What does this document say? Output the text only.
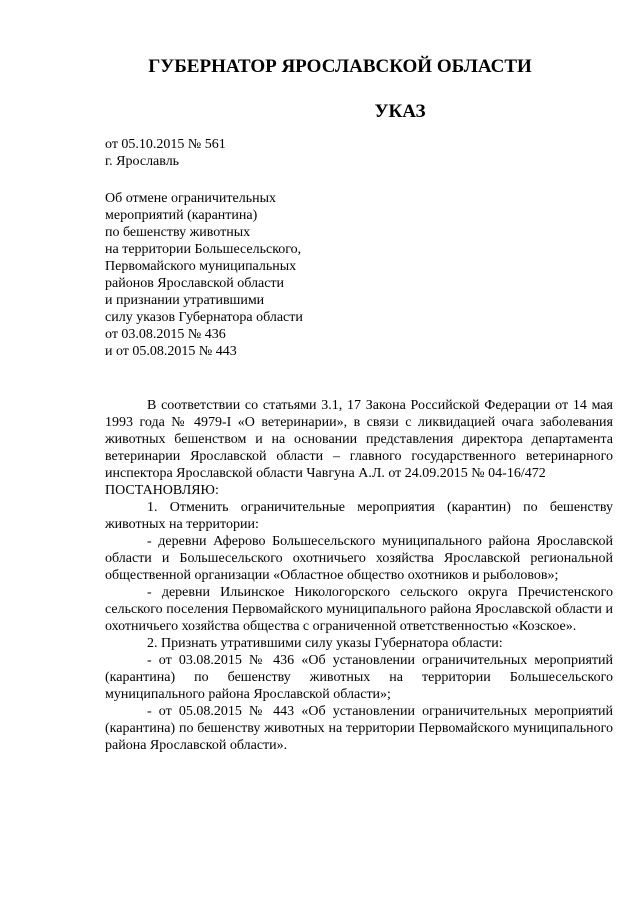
ГУБЕРНАТОР ЯРОСЛАВСКОЙ ОБЛАСТИ
УКАЗ
от 05.10.2015 № 561
г. Ярославль
Об отмене ограничительных
мероприятий (карантина)
по бешенству животных
на территории Большесельского,
Первомайского муниципальных
районов Ярославской области
и признании утратившими
силу указов Губернатора области
от 03.08.2015 № 436
и от 05.08.2015 № 443

В соответствии со статьями 3.1, 17 Закона Российской Федерации от 14 мая 1993 года № 4979-I «О ветеринарии», в связи с ликвидацией очага заболевания животных бешенством и на основании представления директора департамента ветеринарии Ярославской области – главного государственного ветеринарного инспектора Ярославской области Чавгуна А.Л. от 24.09.2015 № 04-16/472

ПОСТАНОВЛЯЮ:

1. Отменить ограничительные мероприятия (карантин) по бешенству животных на территории:

- деревни Аферово Большесельского муниципального района Ярославской области и Большесельского охотничьего хозяйства Ярославской региональной общественной организации «Областное общество охотников и рыболовов»;

- деревни Ильинское Никологорского сельского округа Пречистенского сельского поселения Первомайского муниципального района Ярославской области и охотничьего хозяйства общества с ограниченной ответственностью «Козское».

2. Признать утратившими силу указы Губернатора области:

- от 03.08.2015 № 436 «Об установлении ограничительных мероприятий (карантина) по бешенству животных на территории Большесельского муниципального района Ярославской области»;

- от 05.08.2015 № 443 «Об установлении ограничительных мероприятий (карантина) по бешенству животных на территории Первомайского муниципального района Ярославской области».
